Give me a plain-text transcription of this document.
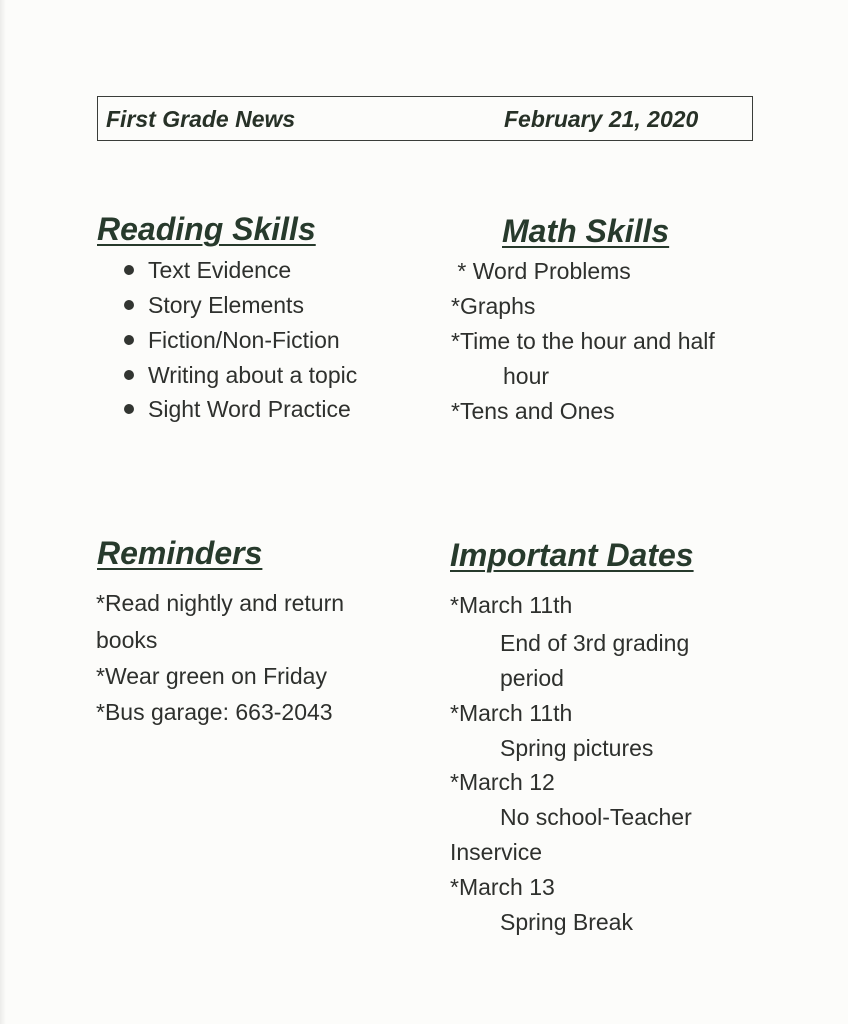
First Grade News	February 21, 2020
Reading Skills
Text Evidence
Story Elements
Fiction/Non-Fiction
Writing about a topic
Sight Word Practice
Math Skills
* Word Problems
*Graphs
*Time to the hour and half
hour
*Tens and Ones
Reminders
*Read nightly and return
books
*Wear green on Friday
*Bus garage: 663-2043
Important Dates
*March 11th
End of 3rd grading
period
*March 11th
Spring pictures
*March 12
No school-Teacher
Inservice
*March 13
Spring Break
